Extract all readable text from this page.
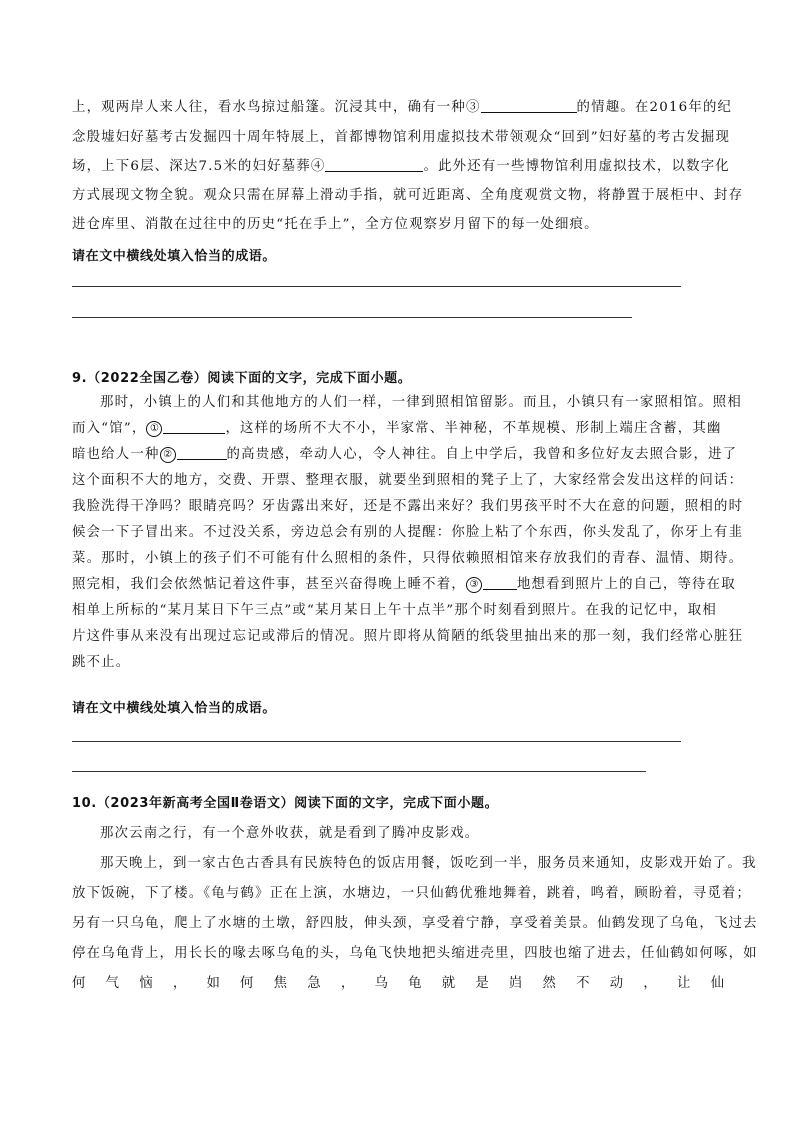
上，观两岸人来人往，看水鸟掠过船篷。沉浸其中，确有一种③	的情趣。在2016年的纪
念殷墟妇好墓考古发掘四十周年特展上，首都博物馆利用虚拟技术带领观众“回到”妇好墓的考古发掘现
场，上下6层、深达7.5米的妇好墓葬④	。此外还有一些博物馆利用虚拟技术，以数字化
方式展现文物全貌。观众只需在屏幕上滑动手指，就可近距离、全角度观赏文物，将静置于展柜中、封存
进仓库里、消散在过往中的历史“托在手上”，全方位观察岁月留下的每一处细痕。
请在文中横线处填入恰当的成语。
9.（2022全国乙卷）阅读下面的文字，完成下面小题。
那时，小镇上的人们和其他地方的人们一样，一律到照相馆留影。而且，小镇只有一家照相馆。照相
而入“馆”， ①	，这样的场所不大不小，半家常、半神秘，不革规模、形制上端庄含蓄，其幽
暗也给人一种 ②	的高贵感，牵动人心，令人神往。自上中学后，我曾和多位好友去照合影，进了
这个面积不大的地方，交费、开票、整理衣服，就要坐到照相的凳子上了，大家经常会发出这样的问话：
我脸洗得干净吗？眼睛亮吗？牙齿露出来好，还是不露出来好？我们男孩平时不大在意的问题，照相的时
候会一下子冒出来。不过没关系，旁边总会有别的人提醒：你脸上粘了个东西，你头发乱了，你牙上有韭
菜。那时，小镇上的孩子们不可能有什么照相的条件，只得依赖照相馆来存放我们的青春、温情、期待。
照完相，我们会依然惦记着这件事，甚至兴奋得晚上睡不着， ③	地想看到照片上的自己，等待在取
相单上所标的“某月某日下午三点”或“某月某日上午十点半”那个时刻看到照片。在我的记忆中，取相
片这件事从来没有出现过忘记或滞后的情况。照片即将从简陋的纸袋里抽出来的那一刻，我们经常心脏狂
跳不止。
请在文中横线处填入恰当的成语。
10.（2023年新高考全国Ⅱ卷语文）阅读下面的文字，完成下面小题。
那次云南之行，有一个意外收获，就是看到了腾冲皮影戏。
那天晚上，到一家古色古香具有民族特色的饭店用餐，饭吃到一半，服务员来通知，皮影戏开始了。我
放下饭碗，下了楼。《龟与鹤》正在上演，水塘边，一只仙鹤优雅地舞着，跳着，鸣着，顾盼着，寻觅着；
另有一只乌龟，爬上了水塘的土墩，舒四肢，伸头颈，享受着宁静，享受着美景。仙鹤发现了乌龟，飞过去
停在乌龟背上，用长长的喙去啄乌龟的头，乌龟飞快地把头缩进壳里，四肢也缩了进去，任仙鹤如何啄，如
何 气 恼 ， 如 何 焦 急 ， 乌 龟 就 是 岿 然 不 动 ， 让 仙
